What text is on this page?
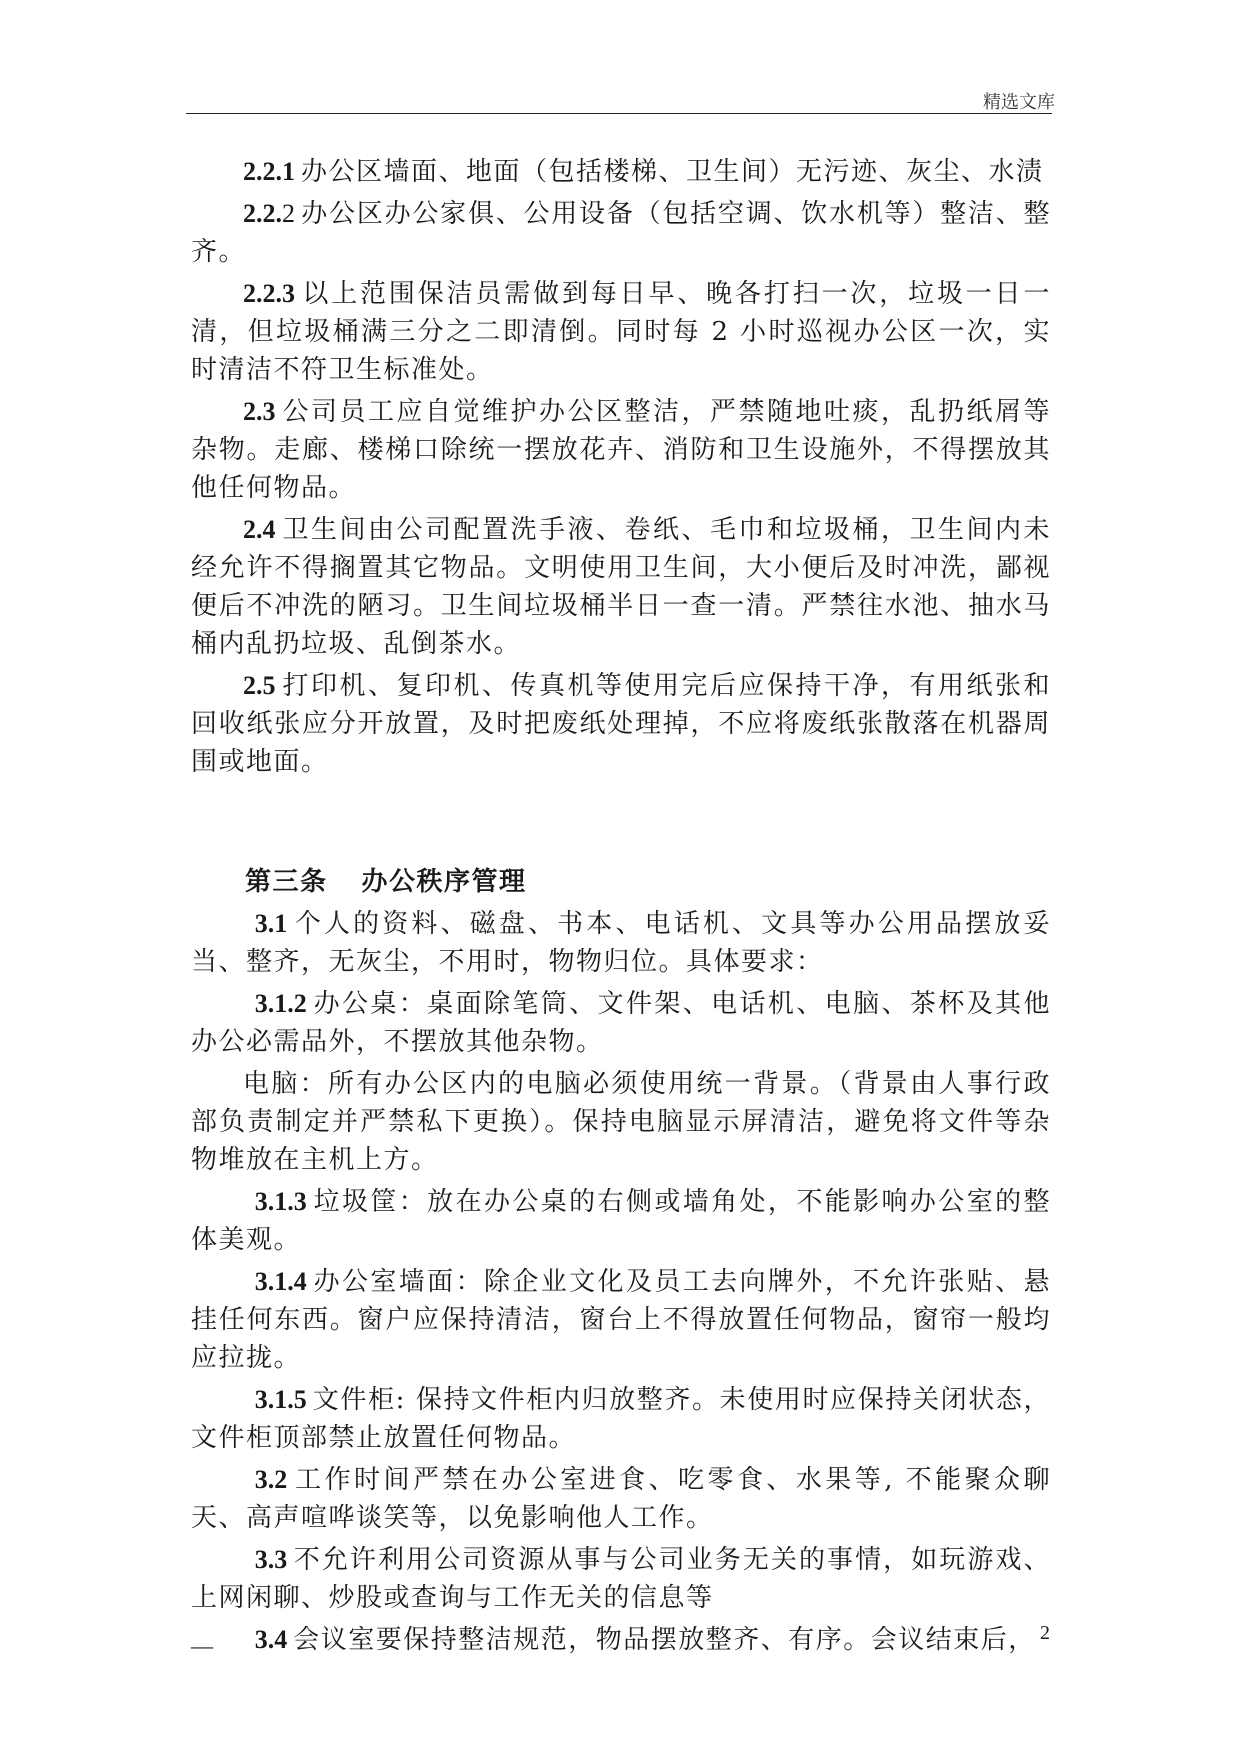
精选文库

2.2.1 办公区墙面、地面（包括楼梯、卫生间）无污迹、灰尘、水渍

2.2.2 办公区办公家俱、公用设备（包括空调、饮水机等）整洁、整齐。

2.2.3 以上范围保洁员需做到每日早、晚各打扫一次，垃圾一日一清，但垃圾桶满三分之二即清倒。同时每 2 小时巡视办公区一次，实时清洁不符卫生标准处。

2.3 公司员工应自觉维护办公区整洁，严禁随地吐痰，乱扔纸屑等杂物。走廊、楼梯口除统一摆放花卉、消防和卫生设施外，不得摆放其他任何物品。

2.4 卫生间由公司配置洗手液、卷纸、毛巾和垃圾桶，卫生间内未经允许不得搁置其它物品。文明使用卫生间，大小便后及时冲洗，鄙视便后不冲洗的陋习。卫生间垃圾桶半日一查一清。严禁往水池、抽水马桶内乱扔垃圾、乱倒茶水。

2.5 打印机、复印机、传真机等使用完后应保持干净，有用纸张和回收纸张应分开放置，及时把废纸处理掉，不应将废纸张散落在机器周围或地面。

第三条 办公秩序管理

3.1 个人的资料、磁盘、书本、电话机、文具等办公用品摆放妥当、整齐，无灰尘，不用时，物物归位。具体要求：

3.1.2 办公桌：桌面除笔筒、文件架、电话机、电脑、茶杯及其他办公必需品外，不摆放其他杂物。

电脑：所有办公区内的电脑必须使用统一背景。（背景由人事行政部负责制定并严禁私下更换）。保持电脑显示屏清洁，避免将文件等杂物堆放在主机上方。

3.1.3 垃圾筐：放在办公桌的右侧或墙角处，不能影响办公室的整体美观。

3.1.4 办公室墙面：除企业文化及员工去向牌外，不允许张贴、悬挂任何东西。窗户应保持清洁，窗台上不得放置任何物品，窗帘一般均应拉拢。

3.1.5 文件柜: 保持文件柜内归放整齐。未使用时应保持关闭状态，文件柜顶部禁止放置任何物品。

3.2 工作时间严禁在办公室进食、吃零食、水果等, 不能聚众聊天、高声喧哗谈笑等，以免影响他人工作。

3.3 不允许利用公司资源从事与公司业务无关的事情，如玩游戏、上网闲聊、炒股或查询与工作无关的信息等

3.4 会议室要保持整洁规范，物品摆放整齐、有序。会议结束后，

—	2
